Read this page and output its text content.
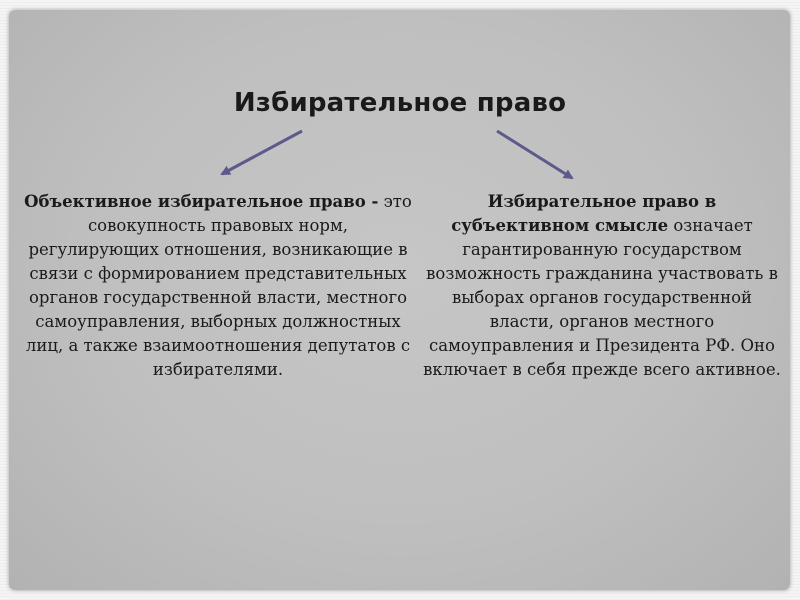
Избирательное право
Объективное избирательное право - это совокупность правовых норм, регулирующих отношения, возникающие в связи с формированием представительных органов государственной власти, местного самоуправления, выборных должностных лиц, а также взаимоотношения депутатов с избирателями.
Избирательное право в субъективном смысле означает гарантированную государством возможность гражданина участвовать в выборах органов государственной власти, органов местного самоуправления и Президента РФ. Оно включает в себя прежде всего активное.
